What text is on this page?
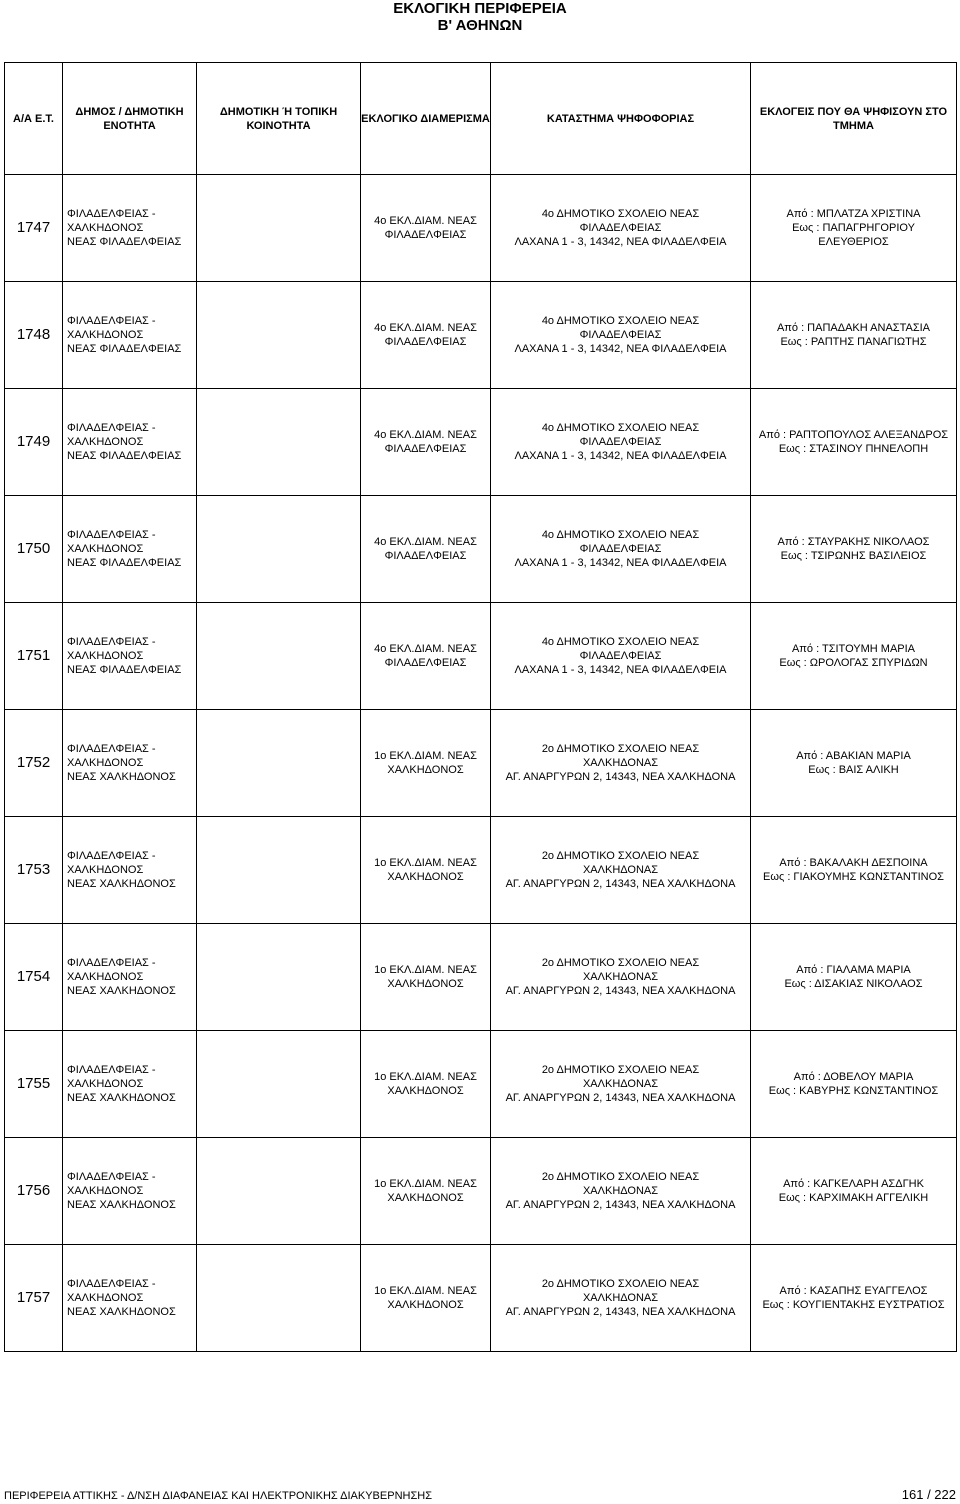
ΕΚΛΟΓΙΚΗ ΠΕΡΙΦΕΡΕΙΑ
Β' ΑΘΗΝΩΝ
Α/Α Ε.Τ.	ΔΗΜΟΣ / ΔΗΜΟΤΙΚΗ ΕΝΟΤΗΤΑ	ΔΗΜΟΤΙΚΗ Ή ΤΟΠΙΚΗ ΚΟΙΝΟΤΗΤΑ	ΕΚΛΟΓΙΚΟ ΔΙΑΜΕΡΙΣΜΑ	ΚΑΤΑΣΤΗΜΑ ΨΗΦΟΦΟΡΙΑΣ	ΕΚΛΟΓΕΙΣ ΠΟΥ ΘΑ ΨΗΦΙΣΟΥΝ ΣΤΟ ΤΜΗΜΑ
1747	ΦΙΛΑΔΕΛΦΕΙΑΣ -
ΧΑΛΚΗΔΟΝΟΣ
ΝΕΑΣ ΦΙΛΑΔΕΛΦΕΙΑΣ		4ο ΕΚΛ.ΔΙΑΜ. ΝΕΑΣ
ΦΙΛΑΔΕΛΦΕΙΑΣ	4ο ΔΗΜΟΤΙΚΟ ΣΧΟΛΕΙΟ ΝΕΑΣ
ΦΙΛΑΔΕΛΦΕΙΑΣ
ΛΑΧΑΝΑ 1 - 3, 14342, ΝΕΑ ΦΙΛΑΔΕΛΦΕΙΑ	Από : ΜΠΛΑΤΖΑ ΧΡΙΣΤΙΝΑ
Εως : ΠΑΠΑΓΡΗΓΟΡΙΟΥ
ΕΛΕΥΘΕΡΙΟΣ

1748	ΦΙΛΑΔΕΛΦΕΙΑΣ -
ΧΑΛΚΗΔΟΝΟΣ
ΝΕΑΣ ΦΙΛΑΔΕΛΦΕΙΑΣ		4ο ΕΚΛ.ΔΙΑΜ. ΝΕΑΣ
ΦΙΛΑΔΕΛΦΕΙΑΣ	4ο ΔΗΜΟΤΙΚΟ ΣΧΟΛΕΙΟ ΝΕΑΣ
ΦΙΛΑΔΕΛΦΕΙΑΣ
ΛΑΧΑΝΑ 1 - 3, 14342, ΝΕΑ ΦΙΛΑΔΕΛΦΕΙΑ	Από : ΠΑΠΑΔΑΚΗ ΑΝΑΣΤΑΣΙΑ
Εως : ΡΑΠΤΗΣ ΠΑΝΑΓΙΩΤΗΣ

1749	ΦΙΛΑΔΕΛΦΕΙΑΣ -
ΧΑΛΚΗΔΟΝΟΣ
ΝΕΑΣ ΦΙΛΑΔΕΛΦΕΙΑΣ		4ο ΕΚΛ.ΔΙΑΜ. ΝΕΑΣ
ΦΙΛΑΔΕΛΦΕΙΑΣ	4ο ΔΗΜΟΤΙΚΟ ΣΧΟΛΕΙΟ ΝΕΑΣ
ΦΙΛΑΔΕΛΦΕΙΑΣ
ΛΑΧΑΝΑ 1 - 3, 14342, ΝΕΑ ΦΙΛΑΔΕΛΦΕΙΑ	Από : ΡΑΠΤΟΠΟΥΛΟΣ ΑΛΕΞΑΝΔΡΟΣ
Εως : ΣΤΑΣΙΝΟΥ ΠΗΝΕΛΟΠΗ

1750	ΦΙΛΑΔΕΛΦΕΙΑΣ -
ΧΑΛΚΗΔΟΝΟΣ
ΝΕΑΣ ΦΙΛΑΔΕΛΦΕΙΑΣ		4ο ΕΚΛ.ΔΙΑΜ. ΝΕΑΣ
ΦΙΛΑΔΕΛΦΕΙΑΣ	4ο ΔΗΜΟΤΙΚΟ ΣΧΟΛΕΙΟ ΝΕΑΣ
ΦΙΛΑΔΕΛΦΕΙΑΣ
ΛΑΧΑΝΑ 1 - 3, 14342, ΝΕΑ ΦΙΛΑΔΕΛΦΕΙΑ	Από : ΣΤΑΥΡΑΚΗΣ ΝΙΚΟΛΑΟΣ
Εως : ΤΣΙΡΩΝΗΣ ΒΑΣΙΛΕΙΟΣ

1751	ΦΙΛΑΔΕΛΦΕΙΑΣ -
ΧΑΛΚΗΔΟΝΟΣ
ΝΕΑΣ ΦΙΛΑΔΕΛΦΕΙΑΣ		4ο ΕΚΛ.ΔΙΑΜ. ΝΕΑΣ
ΦΙΛΑΔΕΛΦΕΙΑΣ	4ο ΔΗΜΟΤΙΚΟ ΣΧΟΛΕΙΟ ΝΕΑΣ
ΦΙΛΑΔΕΛΦΕΙΑΣ
ΛΑΧΑΝΑ 1 - 3, 14342, ΝΕΑ ΦΙΛΑΔΕΛΦΕΙΑ	Από : ΤΣΙΤΟΥΜΗ ΜΑΡΙΑ
Εως : ΩΡΟΛΟΓΑΣ ΣΠΥΡΙΔΩΝ

1752	ΦΙΛΑΔΕΛΦΕΙΑΣ -
ΧΑΛΚΗΔΟΝΟΣ
ΝΕΑΣ ΧΑΛΚΗΔΟΝΟΣ		1ο ΕΚΛ.ΔΙΑΜ. ΝΕΑΣ
ΧΑΛΚΗΔΟΝΟΣ	2ο ΔΗΜΟΤΙΚΟ ΣΧΟΛΕΙΟ ΝΕΑΣ
ΧΑΛΚΗΔΟΝΑΣ
ΑΓ. ΑΝΑΡΓΥΡΩΝ 2, 14343, ΝΕΑ ΧΑΛΚΗΔΟΝΑ	Από : ΑΒΑΚΙΑΝ ΜΑΡΙΑ
Εως : ΒΑΙΣ ΑΛΙΚΗ

1753	ΦΙΛΑΔΕΛΦΕΙΑΣ -
ΧΑΛΚΗΔΟΝΟΣ
ΝΕΑΣ ΧΑΛΚΗΔΟΝΟΣ		1ο ΕΚΛ.ΔΙΑΜ. ΝΕΑΣ
ΧΑΛΚΗΔΟΝΟΣ	2ο ΔΗΜΟΤΙΚΟ ΣΧΟΛΕΙΟ ΝΕΑΣ
ΧΑΛΚΗΔΟΝΑΣ
ΑΓ. ΑΝΑΡΓΥΡΩΝ 2, 14343, ΝΕΑ ΧΑΛΚΗΔΟΝΑ	Από : ΒΑΚΑΛΑΚΗ ΔΕΣΠΟΙΝΑ
Εως : ΓΙΑΚΟΥΜΗΣ ΚΩΝΣΤΑΝΤΙΝΟΣ

1754	ΦΙΛΑΔΕΛΦΕΙΑΣ -
ΧΑΛΚΗΔΟΝΟΣ
ΝΕΑΣ ΧΑΛΚΗΔΟΝΟΣ		1ο ΕΚΛ.ΔΙΑΜ. ΝΕΑΣ
ΧΑΛΚΗΔΟΝΟΣ	2ο ΔΗΜΟΤΙΚΟ ΣΧΟΛΕΙΟ ΝΕΑΣ
ΧΑΛΚΗΔΟΝΑΣ
ΑΓ. ΑΝΑΡΓΥΡΩΝ 2, 14343, ΝΕΑ ΧΑΛΚΗΔΟΝΑ	Από : ΓΙΑΛΑΜΑ ΜΑΡΙΑ
Εως : ΔΙΣΑΚΙΑΣ ΝΙΚΟΛΑΟΣ

1755	ΦΙΛΑΔΕΛΦΕΙΑΣ -
ΧΑΛΚΗΔΟΝΟΣ
ΝΕΑΣ ΧΑΛΚΗΔΟΝΟΣ		1ο ΕΚΛ.ΔΙΑΜ. ΝΕΑΣ
ΧΑΛΚΗΔΟΝΟΣ	2ο ΔΗΜΟΤΙΚΟ ΣΧΟΛΕΙΟ ΝΕΑΣ
ΧΑΛΚΗΔΟΝΑΣ
ΑΓ. ΑΝΑΡΓΥΡΩΝ 2, 14343, ΝΕΑ ΧΑΛΚΗΔΟΝΑ	Από : ΔΟΒΕΛΟΥ ΜΑΡΙΑ
Εως : ΚΑΒΥΡΗΣ ΚΩΝΣΤΑΝΤΙΝΟΣ

1756	ΦΙΛΑΔΕΛΦΕΙΑΣ -
ΧΑΛΚΗΔΟΝΟΣ
ΝΕΑΣ ΧΑΛΚΗΔΟΝΟΣ		1ο ΕΚΛ.ΔΙΑΜ. ΝΕΑΣ
ΧΑΛΚΗΔΟΝΟΣ	2ο ΔΗΜΟΤΙΚΟ ΣΧΟΛΕΙΟ ΝΕΑΣ
ΧΑΛΚΗΔΟΝΑΣ
ΑΓ. ΑΝΑΡΓΥΡΩΝ 2, 14343, ΝΕΑ ΧΑΛΚΗΔΟΝΑ	Από : ΚΑΓΚΕΛΑΡΗ ΑΣΔΓΗΚ
Εως : ΚΑΡΧΙΜΑΚΗ ΑΓΓΕΛΙΚΗ

1757	ΦΙΛΑΔΕΛΦΕΙΑΣ -
ΧΑΛΚΗΔΟΝΟΣ
ΝΕΑΣ ΧΑΛΚΗΔΟΝΟΣ		1ο ΕΚΛ.ΔΙΑΜ. ΝΕΑΣ
ΧΑΛΚΗΔΟΝΟΣ	2ο ΔΗΜΟΤΙΚΟ ΣΧΟΛΕΙΟ ΝΕΑΣ
ΧΑΛΚΗΔΟΝΑΣ
ΑΓ. ΑΝΑΡΓΥΡΩΝ 2, 14343, ΝΕΑ ΧΑΛΚΗΔΟΝΑ	Από : ΚΑΣΑΠΗΣ ΕΥΑΓΓΕΛΟΣ
Εως : ΚΟΥΓΙΕΝΤΑΚΗΣ ΕΥΣΤΡΑΤΙΟΣ
ΠΕΡΙΦΕΡΕΙΑ ΑΤΤΙΚΗΣ - Δ/ΝΣΗ ΔΙΑΦΑΝΕΙΑΣ ΚΑΙ ΗΛΕΚΤΡΟΝΙΚΗΣ ΔΙΑΚΥΒΕΡΝΗΣΗΣ	161 / 222
